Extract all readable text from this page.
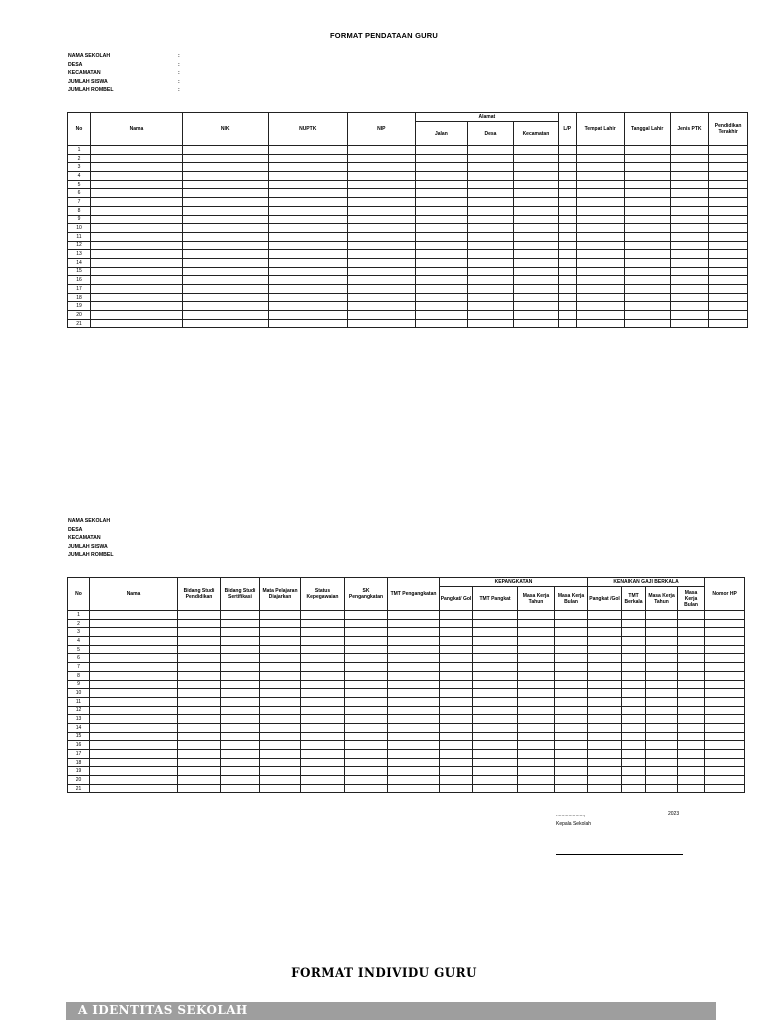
FORMAT PENDATAAN GURU
NAMA SEKOLAH	:
DESA	:
KECAMATAN	:
JUMLAH SISWA	:
JUMLAH ROMBEL	:
No	Nama	NIK	NUPTK	NIP	Alamat			L/P	Tempat Lahir	Tanggal Lahir	Jenis PTK	Pendidikan Terakhir
					Jalan	Desa	Kecamatan					
1												
2												
3												
4												
5												
6												
7												
8												
9												
10												
11												
12												
13												
14												
15												
16												
17												
18												
19												
20												
21												
NAMA SEKOLAH
DESA
KECAMATAN
JUMLAH SISWA
JUMLAH ROMBEL
No	Nama	Bidang Studi Pendidikan	Bidang Studi Sertifikasi	Mata Pelajaran Diajarkan	Status Kepegawaian	SK Pengangkatan	TMT Pengangkatan	KEPANGKATAN				KENAIKAN GAJI BERKALA				Nomor HP
								Pangkat/ Gol	TMT Pangkat	Masa Kerja Tahun	Masa Kerja Bulan	Pangkat /Gol	TMT Berkala	Masa Kerja Tahun	Masa Kerja Bulan	
1																
2																
3																
4																
5																
6																
7																
8																
9																
10																
11																
12																
13																
14																
15																
16																
17																
18																
19																
20																
21																
....................,	2023
Kepala Sekolah
FORMAT INDIVIDU GURU
A IDENTITAS SEKOLAH
